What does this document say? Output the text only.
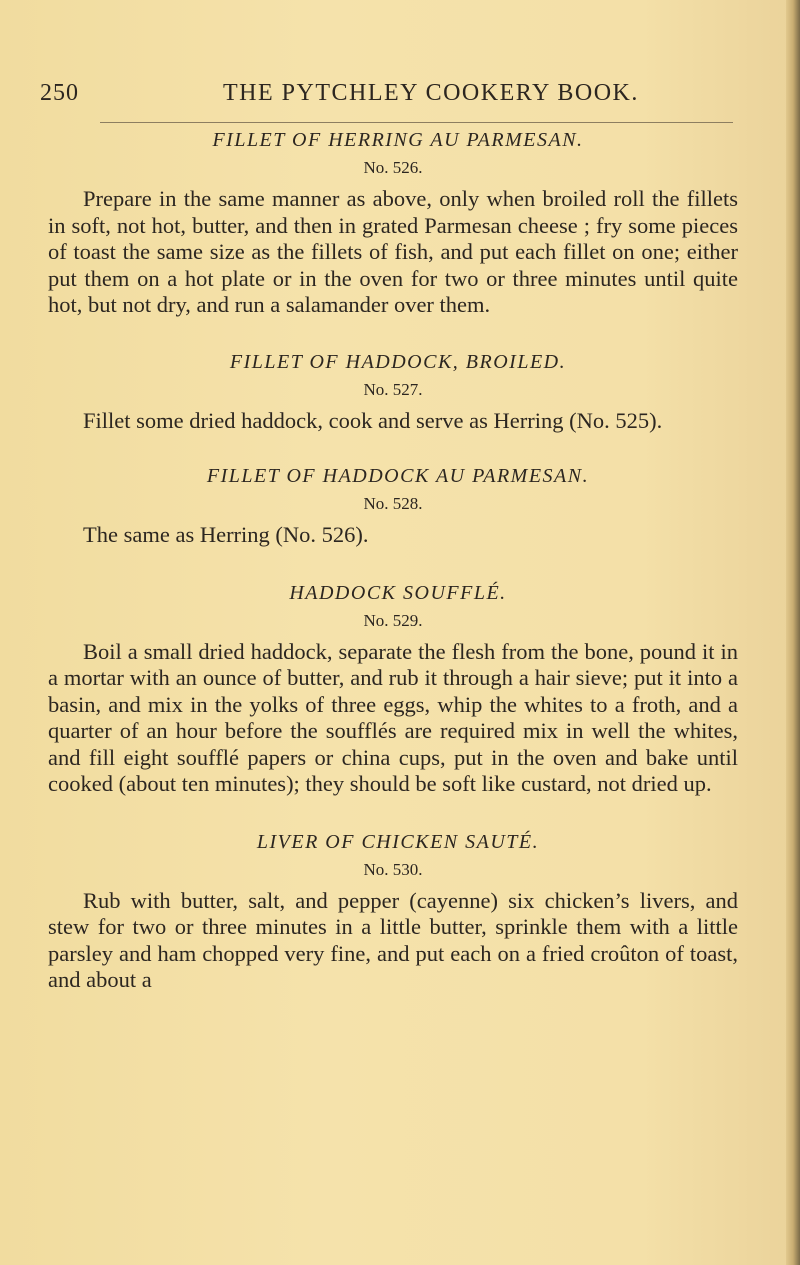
250	THE PYTCHLEY COOKERY BOOK.
FILLET OF HERRING AU PARMESAN.
No. 526.
Prepare in the same manner as above, only when broiled roll the fillets in soft, not hot, butter, and then in grated Parmesan cheese ; fry some pieces of toast the same size as the fillets of fish, and put each fillet on one; either put them on a hot plate or in the oven for two or three minutes until quite hot, but not dry, and run a salamander over them.
FILLET OF HADDOCK, BROILED.
No. 527.
Fillet some dried haddock, cook and serve as Herring (No. 525).
FILLET OF HADDOCK AU PARMESAN.
No. 528.
The same as Herring (No. 526).
HADDOCK SOUFFLÉ.
No. 529.
Boil a small dried haddock, separate the flesh from the bone, pound it in a mortar with an ounce of butter, and rub it through a hair sieve; put it into a basin, and mix in the yolks of three eggs, whip the whites to a froth, and a quarter of an hour before the soufflés are required mix in well the whites, and fill eight soufflé papers or china cups, put in the oven and bake until cooked (about ten minutes); they should be soft like custard, not dried up.
LIVER OF CHICKEN SAUTÉ.
No. 530.
Rub with butter, salt, and pepper (cayenne) six chicken’s livers, and stew for two or three minutes in a little butter, sprinkle them with a little parsley and ham chopped very fine, and put each on a fried croûton of toast, and about a
